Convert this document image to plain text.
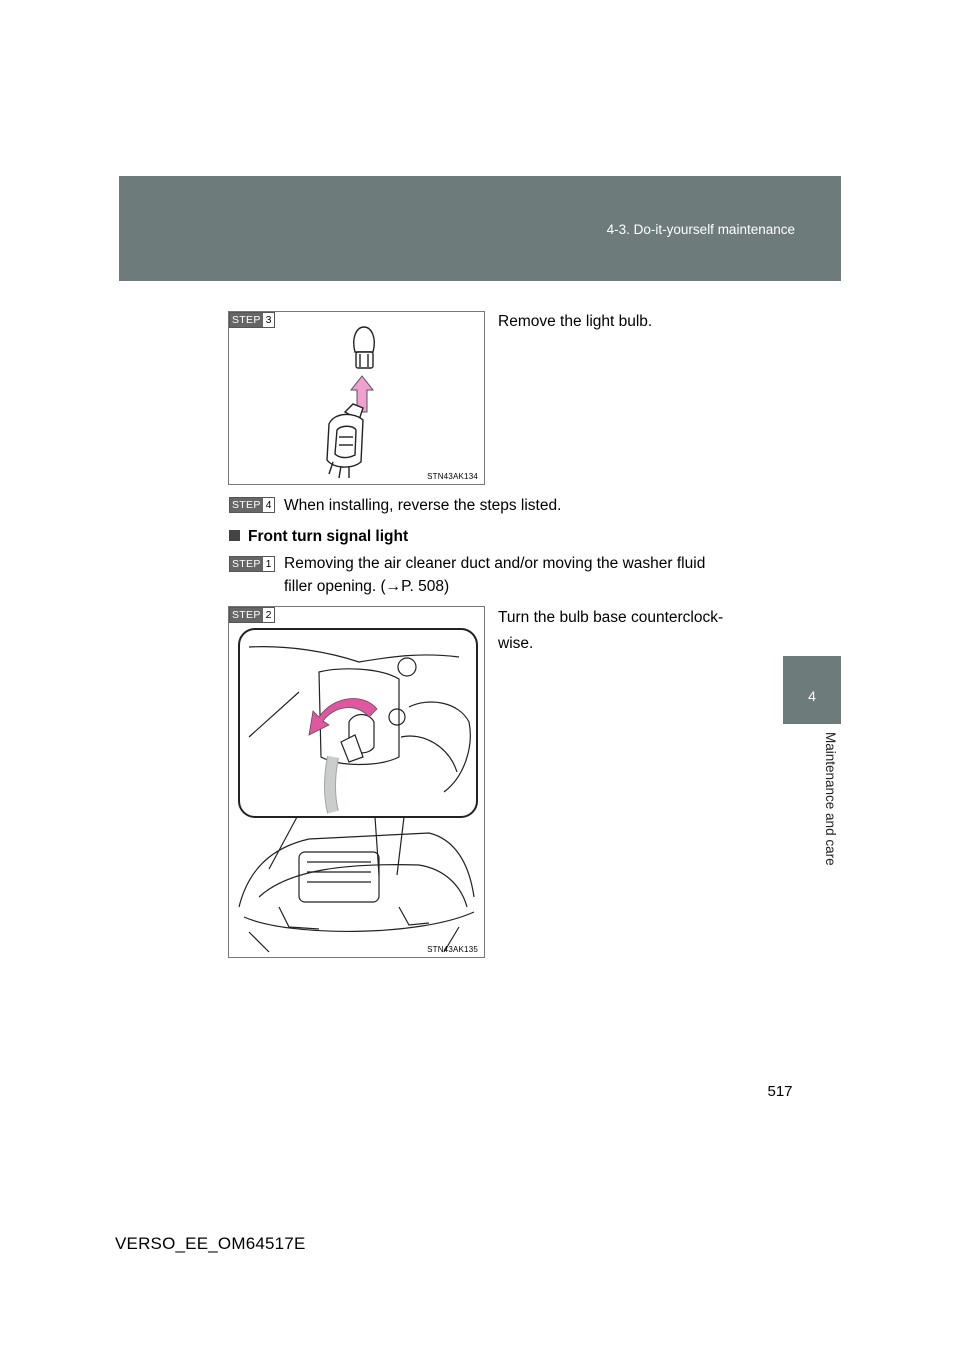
4-3. Do-it-yourself maintenance
4
Maintenance and care
STEP 3
STN43AK134
Remove the light bulb.
STEP 4 When installing, reverse the steps listed.
Front turn signal light
STEP 1 Removing the air cleaner duct and/or moving the washer fluid
filler opening. (→P. 508)
STEP 2
STN43AK135
Turn the bulb base counterclock-
wise.
517
VERSO_EE_OM64517E
